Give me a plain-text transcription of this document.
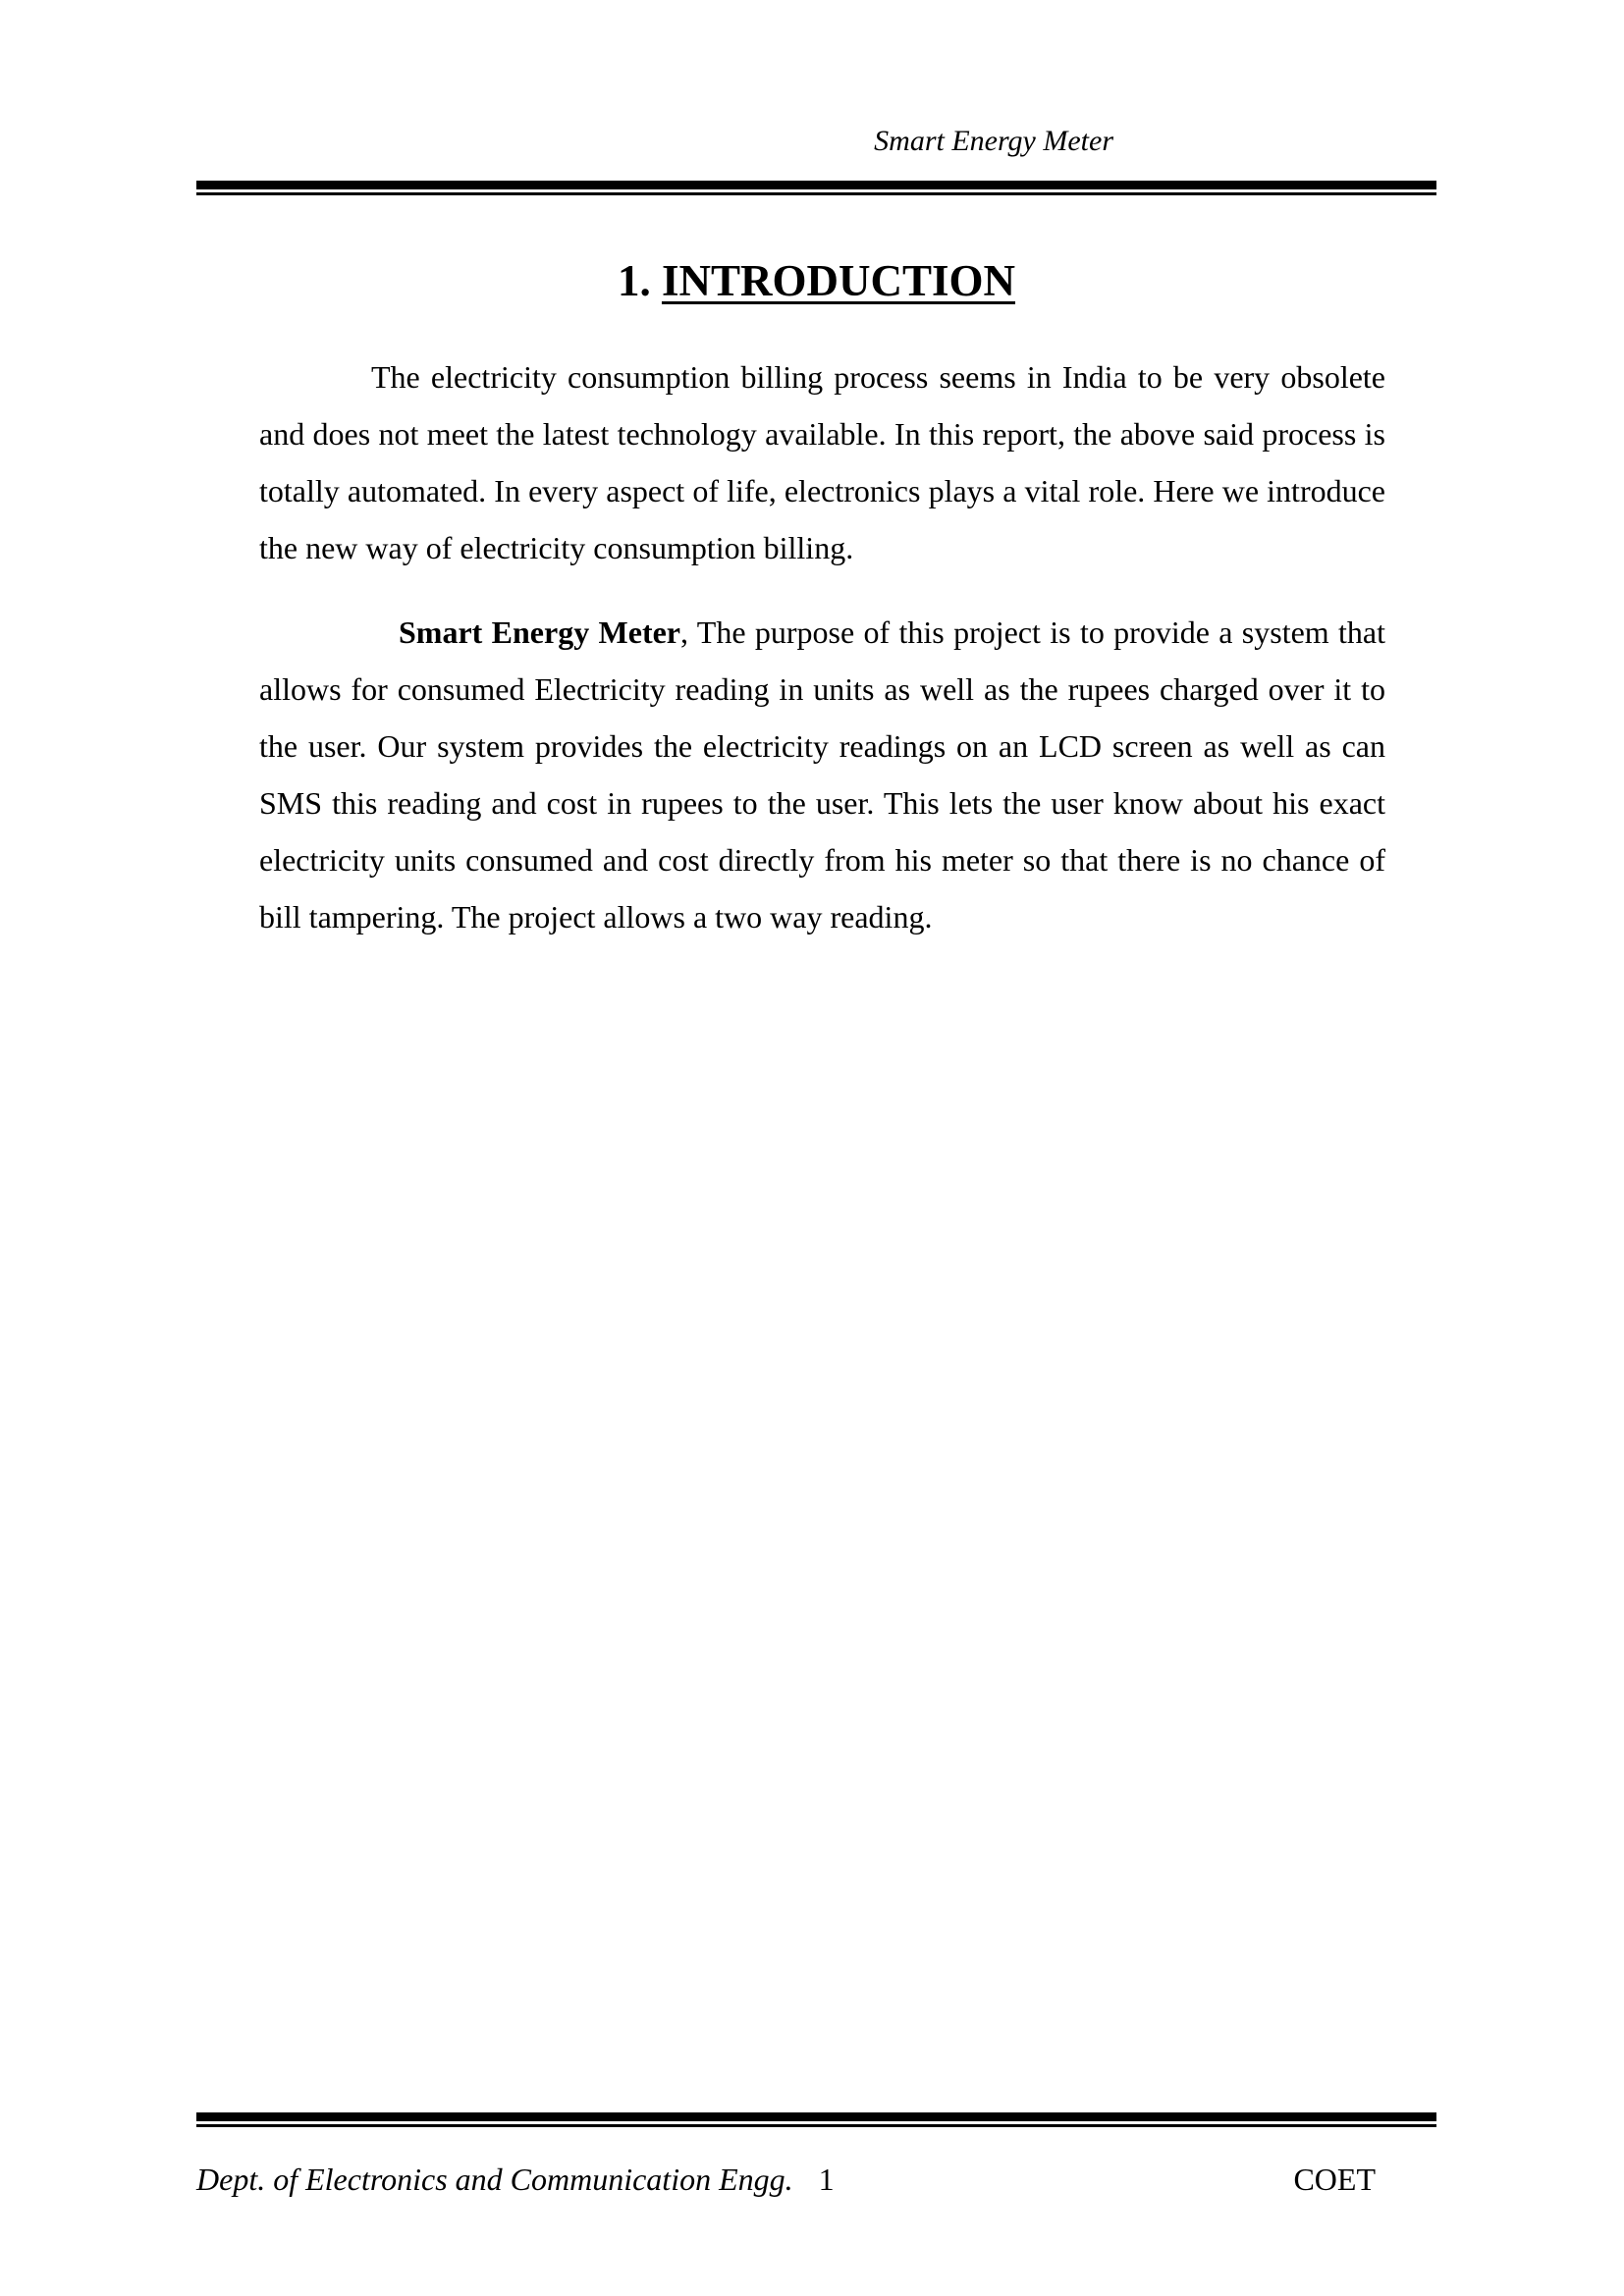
Smart Energy Meter
1. INTRODUCTION

The electricity consumption billing process seems in India to be very obsolete and does not meet the latest technology available. In this report, the above said process is totally automated. In every aspect of life, electronics plays a vital role. Here we introduce the new way of electricity consumption billing.

Smart Energy Meter, The purpose of this project is to provide a system that allows for consumed Electricity reading in units as well as the rupees charged over it to the user. Our system provides the electricity readings on an LCD screen as well as can SMS this reading and cost in rupees to the user. This lets the user know about his exact electricity units consumed and cost directly from his meter so that there is no chance of bill tampering. The project allows a two way reading.

Dept. of Electronics and Communication Engg. 1	COET
